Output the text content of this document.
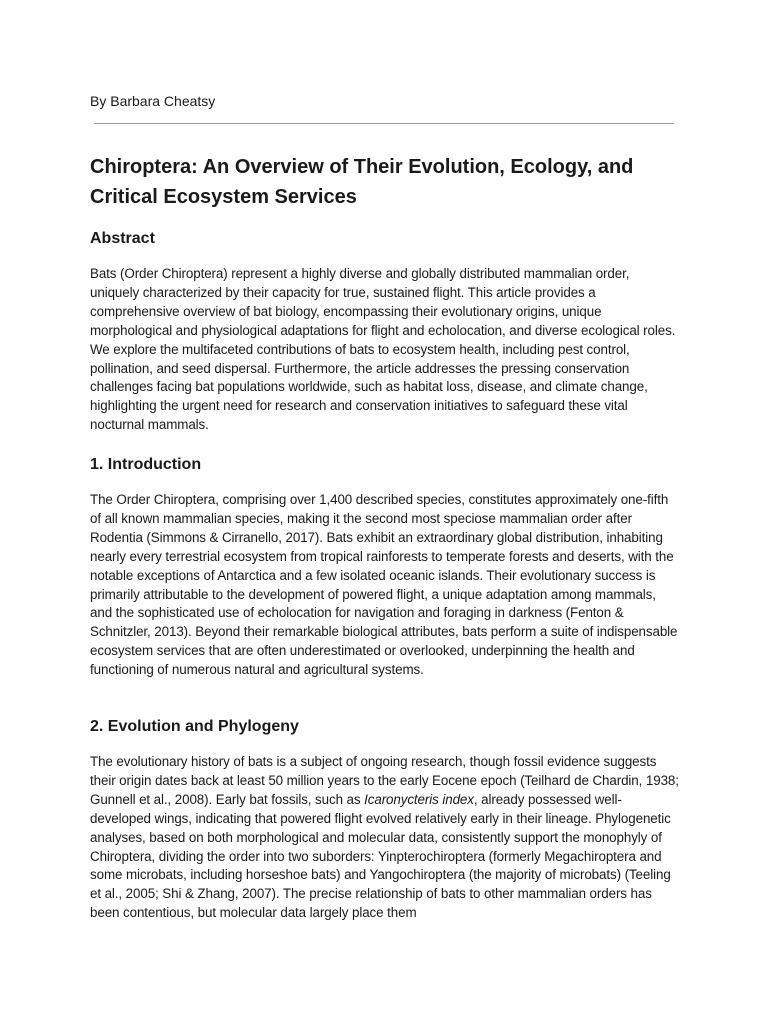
By Barbara Cheatsy
Chiroptera: An Overview of Their Evolution, Ecology, and Critical Ecosystem Services
Abstract

Bats (Order Chiroptera) represent a highly diverse and globally distributed mammalian order, uniquely characterized by their capacity for true, sustained flight. This article provides a comprehensive overview of bat biology, encompassing their evolutionary origins, unique morphological and physiological adaptations for flight and echolocation, and diverse ecological roles. We explore the multifaceted contributions of bats to ecosystem health, including pest control, pollination, and seed dispersal. Furthermore, the article addresses the pressing conservation challenges facing bat populations worldwide, such as habitat loss, disease, and climate change, highlighting the urgent need for research and conservation initiatives to safeguard these vital nocturnal mammals.

1. Introduction

The Order Chiroptera, comprising over 1,400 described species, constitutes approximately one-fifth of all known mammalian species, making it the second most speciose mammalian order after Rodentia (Simmons & Cirranello, 2017). Bats exhibit an extraordinary global distribution, inhabiting nearly every terrestrial ecosystem from tropical rainforests to temperate forests and deserts, with the notable exceptions of Antarctica and a few isolated oceanic islands. Their evolutionary success is primarily attributable to the development of powered flight, a unique adaptation among mammals, and the sophisticated use of echolocation for navigation and foraging in darkness (Fenton & Schnitzler, 2013). Beyond their remarkable biological attributes, bats perform a suite of indispensable ecosystem services that are often underestimated or overlooked, underpinning the health and functioning of numerous natural and agricultural systems.

2. Evolution and Phylogeny

The evolutionary history of bats is a subject of ongoing research, though fossil evidence suggests their origin dates back at least 50 million years to the early Eocene epoch (Teilhard de Chardin, 1938; Gunnell et al., 2008). Early bat fossils, such as Icaronycteris index, already possessed well-developed wings, indicating that powered flight evolved relatively early in their lineage. Phylogenetic analyses, based on both morphological and molecular data, consistently support the monophyly of Chiroptera, dividing the order into two suborders: Yinpterochiroptera (formerly Megachiroptera and some microbats, including horseshoe bats) and Yangochiroptera (the majority of microbats) (Teeling et al., 2005; Shi & Zhang, 2007). The precise relationship of bats to other mammalian orders has been contentious, but molecular data largely place them
